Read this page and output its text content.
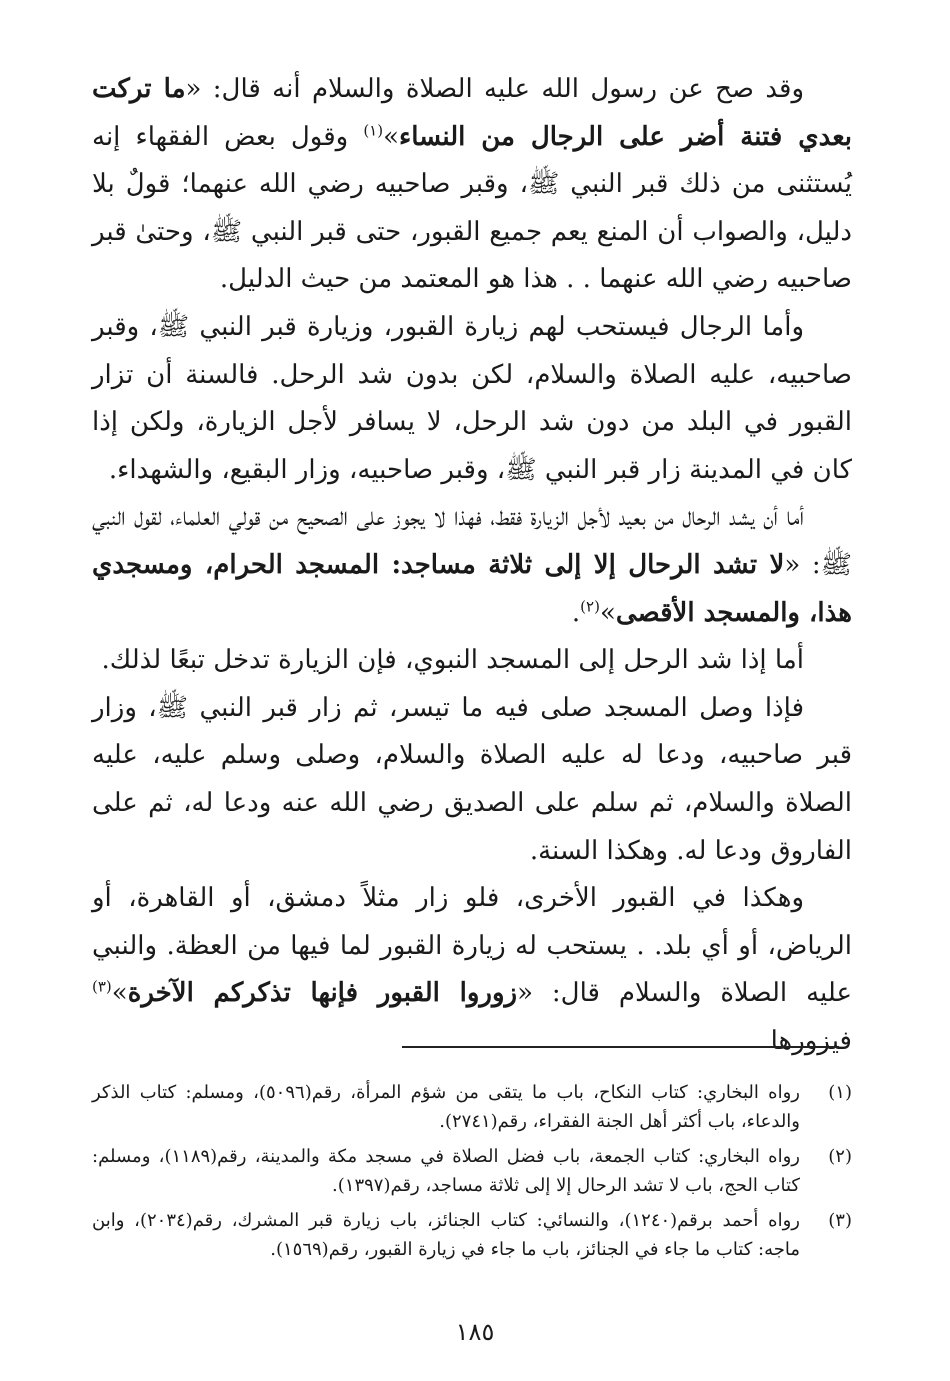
وقد صح عن رسول الله عليه الصلاة والسلام أنه قال: «ما تركت بعدي فتنة أضر على الرجال من النساء»$^{(١)}$ وقول بعض الفقهاء إنه يُستثنى من ذلك قبر النبي ﷺ، وقبر صاحبيه رضي الله عنهما؛ قولٌ بلا دليل، والصواب أن المنع يعم جميع القبور، حتى قبر النبي ﷺ، وحتىٰ قبر صاحبيه رضي الله عنهما . . هذا هو المعتمد من حيث الدليل.

وأما الرجال فيستحب لهم زيارة القبور، وزيارة قبر النبي ﷺ، وقبر صاحبيه، عليه الصلاة والسلام، لكن بدون شد الرحل. فالسنة أن تزار القبور في البلد من دون شد الرحل، لا يسافر لأجل الزيارة، ولكن إذا كان في المدينة زار قبر النبي ﷺ، وقبر صاحبيه، وزار البقيع، والشهداء.

أما أن يشد الرحال من بعيد لأجل الزيارة فقط، فهذا لا يجوز على الصحيح من قولي العلماء، لقول النبي ﷺ: «لا تشد الرحال إلا إلى ثلاثة مساجد: المسجد الحرام، ومسجدي هذا، والمسجد الأقصى»$^{(٢)}$.

أما إذا شد الرحل إلى المسجد النبوي، فإن الزيارة تدخل تبعًا لذلك.

فإذا وصل المسجد صلى فيه ما تيسر، ثم زار قبر النبي ﷺ، وزار قبر صاحبيه، ودعا له عليه الصلاة والسلام، وصلى وسلم عليه، عليه الصلاة والسلام، ثم سلم على الصديق رضي الله عنه ودعا له، ثم على الفاروق ودعا له. وهكذا السنة.

وهكذا في القبور الأخرى، فلو زار مثلاً دمشق، أو القاهرة، أو الرياض، أو أي بلد. . يستحب له زيارة القبور لما فيها من العظة. والنبي عليه الصلاة والسلام قال: «زوروا القبور فإنها تذكركم الآخرة»$^{(٣)}$ فيزورها

(١)
رواه البخاري: كتاب النكاح، باب ما يتقى من شؤم المرأة، رقم(٥٠٩٦)، ومسلم: كتاب الذكر والدعاء، باب أكثر أهل الجنة الفقراء، رقم(٢٧٤١).
(٢)
رواه البخاري: كتاب الجمعة، باب فضل الصلاة في مسجد مكة والمدينة، رقم(١١٨٩)، ومسلم: كتاب الحج، باب لا تشد الرحال إلا إلى ثلاثة مساجد، رقم(١٣٩٧).
(٣)
رواه أحمد برقم(١٢٤٠)، والنسائي: كتاب الجنائز، باب زيارة قبر المشرك، رقم(٢٠٣٤)، وابن ماجه: كتاب ما جاء في الجنائز، باب ما جاء في زيارة القبور، رقم(١٥٦٩).
١٨٥
